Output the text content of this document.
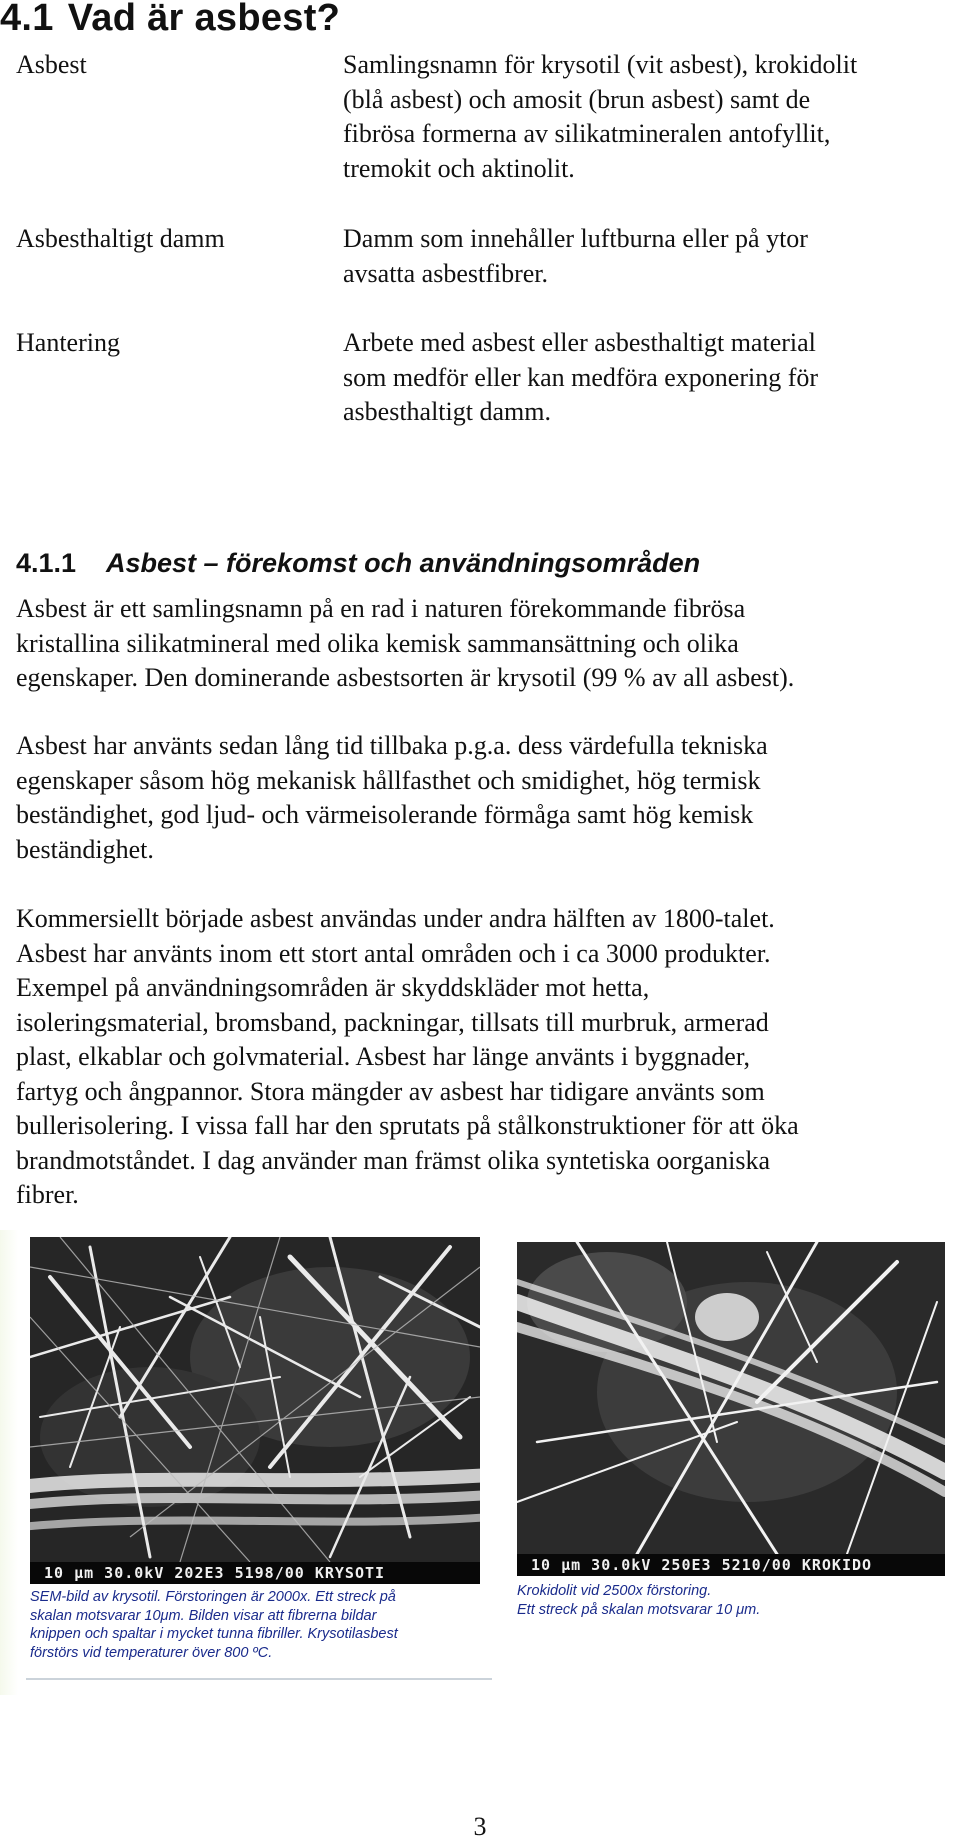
4.1 Vad är asbest?
Asbest	Samlingsnamn för krysotil (vit asbest), krokidolit
(blå asbest) och amosit (brun asbest) samt de
fibrösa formerna av silikatmineralen antofyllit,
tremokit och aktinolit.
Asbesthaltigt damm	Damm som innehåller luftburna eller på ytor
avsatta asbestfibrer.
Hantering	Arbete med asbest eller asbesthaltigt material
som medför eller kan medföra exponering för
asbesthaltigt damm.
4.1.1 Asbest – förekomst och användningsområden

Asbest är ett samlingsnamn på en rad i naturen förekommande fibrösa
kristallina silikatmineral med olika kemisk sammansättning och olika
egenskaper. Den dominerande asbestsorten är krysotil (99 % av all asbest).

Asbest har använts sedan lång tid tillbaka p.g.a. dess värdefulla tekniska
egenskaper såsom hög mekanisk hållfasthet och smidighet, hög termisk
beständighet, god ljud- och värmeisolerande förmåga samt hög kemisk
beständighet.

Kommersiellt började asbest användas under andra hälften av 1800-talet.
Asbest har använts inom ett stort antal områden och i ca 3000 produkter.
Exempel på användningsområden är skyddskläder mot hetta,
isoleringsmaterial, bromsband, packningar, tillsats till murbruk, armerad
plast, elkablar och golvmaterial. Asbest har länge använts i byggnader,
fartyg och ångpannor. Stora mängder av asbest har tidigare använts som
bullerisolering. I vissa fall har den sprutats på stålkonstruktioner för att öka
brandmotståndet. I dag använder man främst olika syntetiska oorganiska
fibrer.

10 μm 30.0kV 202E3 5198/00 KRYSOTI
SEM-bild av krysotil. Förstoringen är 2000x. Ett streck på
skalan motsvarar 10μm. Bilden visar att fibrerna bildar
knippen och spaltar i mycket tunna fibriller. Krysotilasbest
förstörs vid temperaturer över 800 ºC.
10 μm 30.0kV 250E3 5210/00 KROKIDO
Krokidolit vid 2500x förstoring.
Ett streck på skalan motsvarar 10 μm.
3
